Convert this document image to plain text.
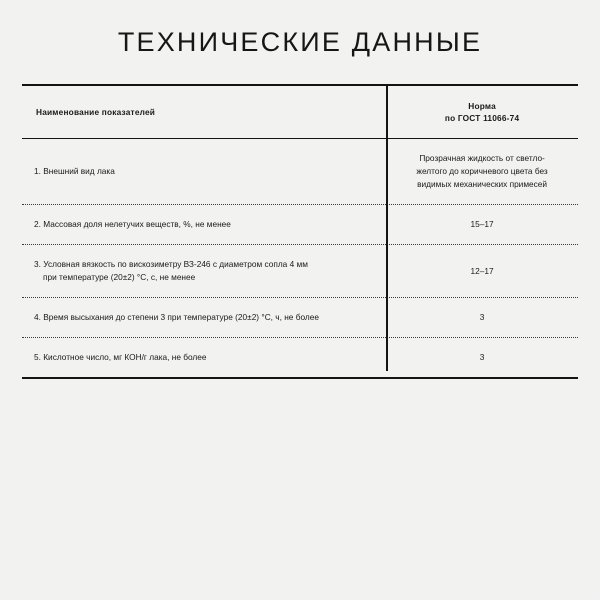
ТЕХНИЧЕСКИЕ ДАННЫЕ
Наименование показателей	Норма
по ГОСТ 11066-74
1. Внешний вид лака	Прозрачная жидкость от светло-
желтого до коричневого цвета без
видимых механических примесей
2. Массовая доля нелетучих веществ, %, не менее	15–17
3. Условная вязкость по вискозиметру ВЗ-246 с диаметром сопла 4 мм
при температуре (20±2) °С, с, не менее	12–17
4. Время высыхания до степени 3 при температуре (20±2) °С, ч, не более	3
5. Кислотное число, мг КОН/г лака, не более	3
